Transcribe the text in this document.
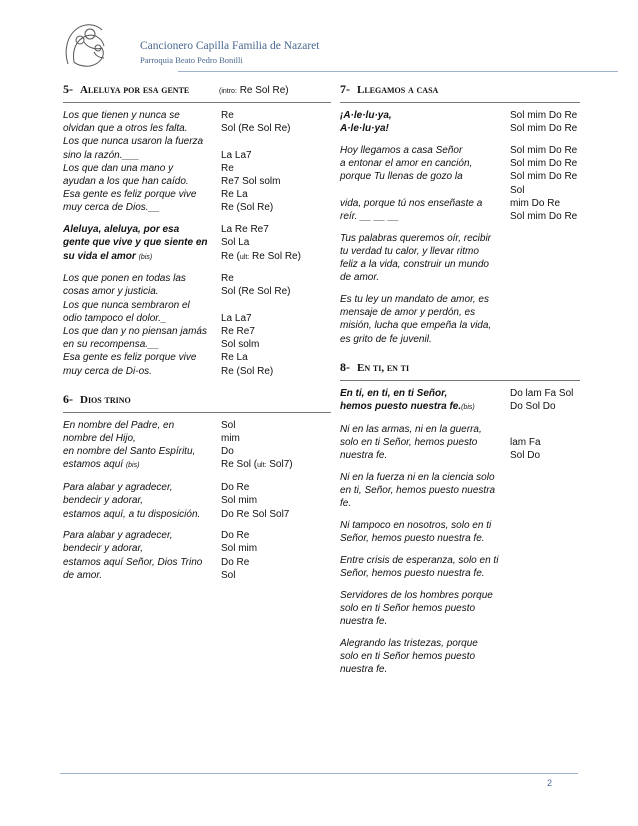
Cancionero Capilla Familia de Nazaret
Parroquia Beato Pedro Bonilli
5- Aleluya por esa gente	(intro: Re Sol Re)
Los que tienen y nunca se	Re
olvidan que a otros les falta.	Sol (Re Sol Re)
Los que nunca usaron la fuerza
sino la razón.___	La La7
Los que dan una mano y	Re
ayudan a los que han caído.	Re7 Sol solm
Esa gente es feliz porque vive	Re La
muy cerca de Dios.__	Re (Sol Re)
Aleluya, aleluya, por esa	La Re Re7
gente que vive y que siente en	Sol La
su vida el amor (bis)	Re (ult: Re Sol Re)
Los que ponen en todas las	Re
cosas amor y justicia.	Sol (Re Sol Re)
Los que nunca sembraron el
odio tampoco el dolor._	La La7
Los que dan y no piensan jamás	Re Re7
en su recompensa.__	Sol solm
Esa gente es feliz porque vive	Re La
muy cerca de Di-os.	Re (Sol Re)
6- Dios trino
En nombre del Padre, en	Sol
nombre del Hijo,	mim
en nombre del Santo Espíritu,	Do
estamos aquí (bis)	Re Sol (ult: Sol7)
Para alabar y agradecer,	Do Re
bendecir y adorar,	Sol mim
estamos aquí, a tu disposición.	Do Re Sol Sol7
Para alabar y agradecer,	Do Re
bendecir y adorar,	Sol mim
estamos aquí Señor, Dios Trino	Do Re
de amor.	Sol
7- Llegamos a casa
¡A·le·lu·ya,	Sol mim Do Re
A·le·lu·ya!	Sol mim Do Re
Hoy llegamos a casa Señor	Sol mim Do Re
a entonar el amor en canción,	Sol mim Do Re
porque Tu llenas de gozo la	Sol mim Do Re Sol
vida, porque tú nos enseñaste a	mim Do Re
reír. __ __ __	Sol mim Do Re
Tus palabras queremos oír, recibir
tu verdad tu calor, y llevar ritmo
feliz a la vida, construir un mundo
de amor.
Es tu ley un mandato de amor, es
mensaje de amor y perdón, es
misión, lucha que empeña la vida,
es grito de fe juvenil.
8- En ti, en ti
En ti, en ti, en ti Señor,	Do lam Fa Sol
hemos puesto nuestra fe.(bis)	Do Sol Do
Ni en las armas, ni en la guerra,
solo en ti Señor, hemos puesto	lam Fa
nuestra fe.	Sol Do
Ni en la fuerza ni en la ciencia solo
en ti, Señor, hemos puesto nuestra
fe.
Ni tampoco en nosotros, solo en ti
Señor, hemos puesto nuestra fe.
Entre crisis de esperanza, solo en ti
Señor, hemos puesto nuestra fe.
Servidores de los hombres porque
solo en ti Señor hemos puesto
nuestra fe.
Alegrando las tristezas, porque
solo en ti Señor hemos puesto
nuestra fe.
2
